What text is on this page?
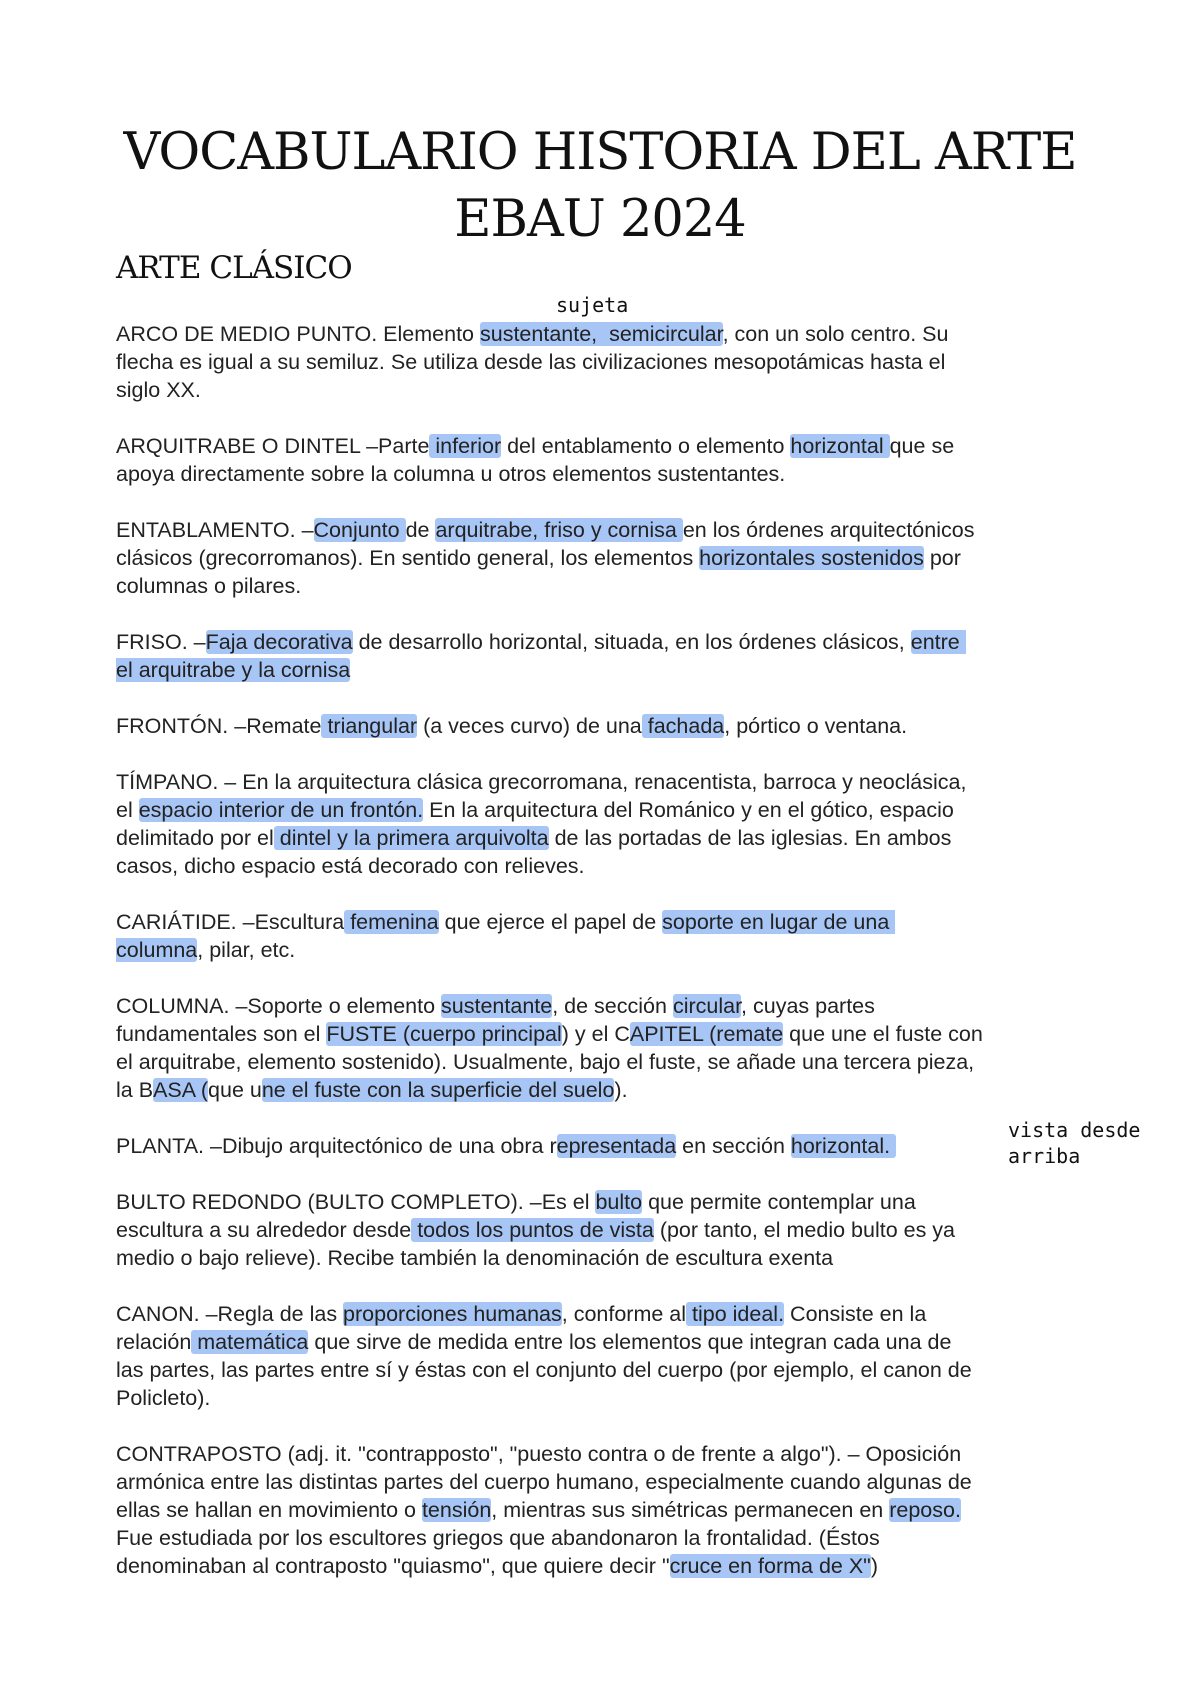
VOCABULARIO HISTORIA DEL ARTE
EBAU 2024
ARTE CLÁSICO
sujeta
vista desde
arriba
ARCO DE MEDIO PUNTO. Elemento sustentante,  semicircular, con un solo centro. Su
flecha es igual a su semiluz. Se utiliza desde las civilizaciones mesopotámicas hasta el
siglo XX.
ARQUITRABE O DINTEL –Parte inferior del entablamento o elemento horizontal que se
apoya directamente sobre la columna u otros elementos sustentantes.
ENTABLAMENTO. –Conjunto de arquitrabe, friso y cornisa en los órdenes arquitectónicos
clásicos (grecorromanos). En sentido general, los elementos horizontales sostenidos por
columnas o pilares.
FRISO. –Faja decorativa de desarrollo horizontal, situada, en los órdenes clásicos, entre
el arquitrabe y la cornisa
FRONTÓN. –Remate triangular (a veces curvo) de una fachada, pórtico o ventana.
TÍMPANO. – En la arquitectura clásica grecorromana, renacentista, barroca y neoclásica,
el espacio interior de un frontón. En la arquitectura del Románico y en el gótico, espacio
delimitado por el dintel y la primera arquivolta de las portadas de las iglesias. En ambos
casos, dicho espacio está decorado con relieves.
CARIÁTIDE. –Escultura femenina que ejerce el papel de soporte en lugar de una
columna, pilar, etc.
COLUMNA. –Soporte o elemento sustentante, de sección circular, cuyas partes
fundamentales son el FUSTE (cuerpo principal) y el CAPITEL (remate que une el fuste con
el arquitrabe, elemento sostenido). Usualmente, bajo el fuste, se añade una tercera pieza,
la BASA (que une el fuste con la superficie del suelo).
PLANTA. –Dibujo arquitectónico de una obra representada en sección horizontal.
BULTO REDONDO (BULTO COMPLETO). –Es el bulto que permite contemplar una
escultura a su alrededor desde todos los puntos de vista (por tanto, el medio bulto es ya
medio o bajo relieve). Recibe también la denominación de escultura exenta
CANON. –Regla de las proporciones humanas, conforme al tipo ideal. Consiste en la
relación matemática que sirve de medida entre los elementos que integran cada una de
las partes, las partes entre sí y éstas con el conjunto del cuerpo (por ejemplo, el canon de
Policleto).
CONTRAPOSTO (adj. it. "contrapposto", "puesto contra o de frente a algo"). – Oposición
armónica entre las distintas partes del cuerpo humano, especialmente cuando algunas de
ellas se hallan en movimiento o tensión, mientras sus simétricas permanecen en reposo.
Fue estudiada por los escultores griegos que abandonaron la frontalidad. (Éstos
denominaban al contraposto "quiasmo", que quiere decir "cruce en forma de X")
